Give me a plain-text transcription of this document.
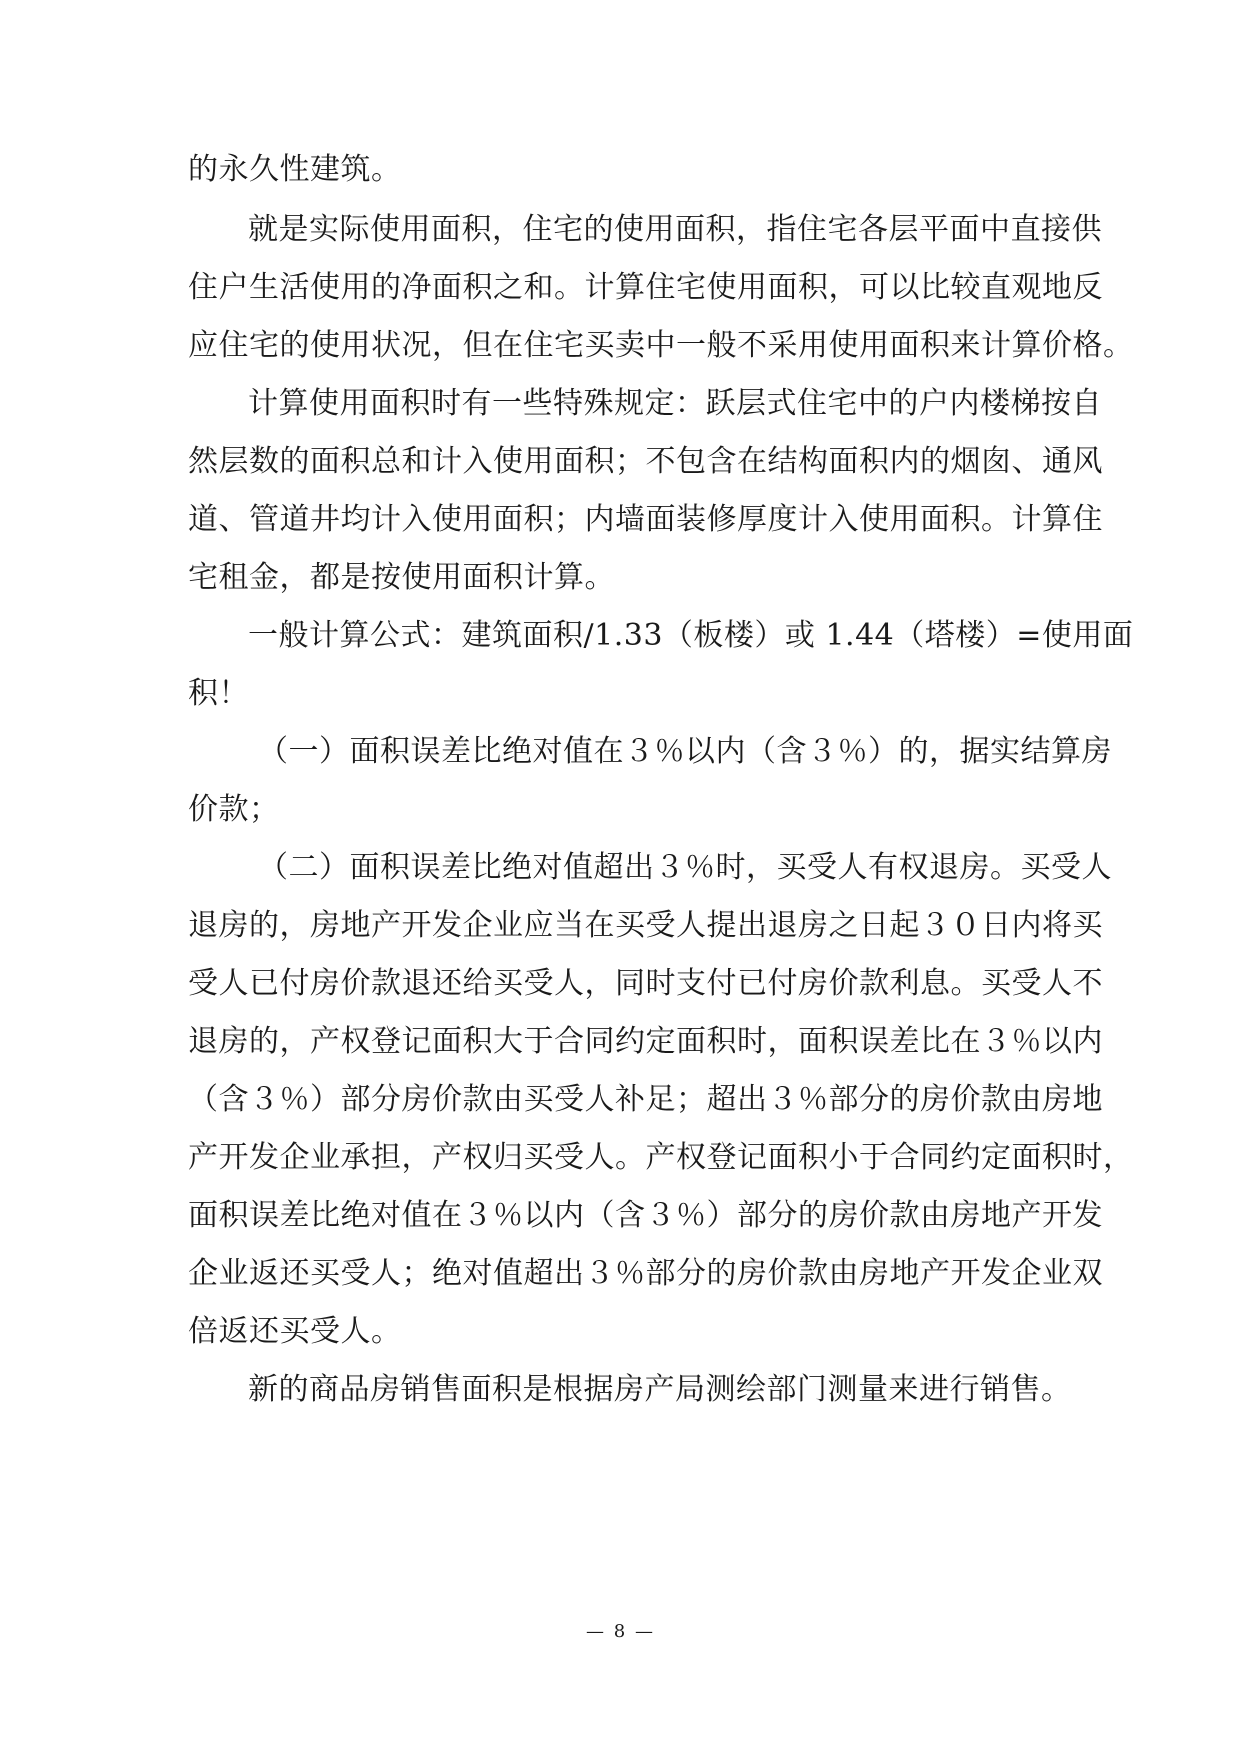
的永久性建筑。

就是实际使用面积，住宅的使用面积，指住宅各层平面中直接供

住户生活使用的净面积之和。计算住宅使用面积，可以比较直观地反

应住宅的使用状况，但在住宅买卖中一般不采用使用面积来计算价格。

计算使用面积时有一些特殊规定：跃层式住宅中的户内楼梯按自

然层数的面积总和计入使用面积；不包含在结构面积内的烟囱、通风

道、管道井均计入使用面积；内墙面装修厚度计入使用面积。计算住

宅租金，都是按使用面积计算。

一般计算公式：建筑面积/1.33（板楼）或 1.44（塔楼）=使用面

积！

（一）面积误差比绝对值在３％以内（含３％）的，据实结算房

价款；

（二）面积误差比绝对值超出３％时，买受人有权退房。买受人

退房的，房地产开发企业应当在买受人提出退房之日起３０日内将买

受人已付房价款退还给买受人，同时支付已付房价款利息。买受人不

退房的，产权登记面积大于合同约定面积时，面积误差比在３％以内

（含３％）部分房价款由买受人补足；超出３％部分的房价款由房地

产开发企业承担，产权归买受人。产权登记面积小于合同约定面积时，

面积误差比绝对值在３％以内（含３％）部分的房价款由房地产开发

企业返还买受人；绝对值超出３％部分的房价款由房地产开发企业双

倍返还买受人。

新的商品房销售面积是根据房产局测绘部门测量来进行销售。

— 8 —
